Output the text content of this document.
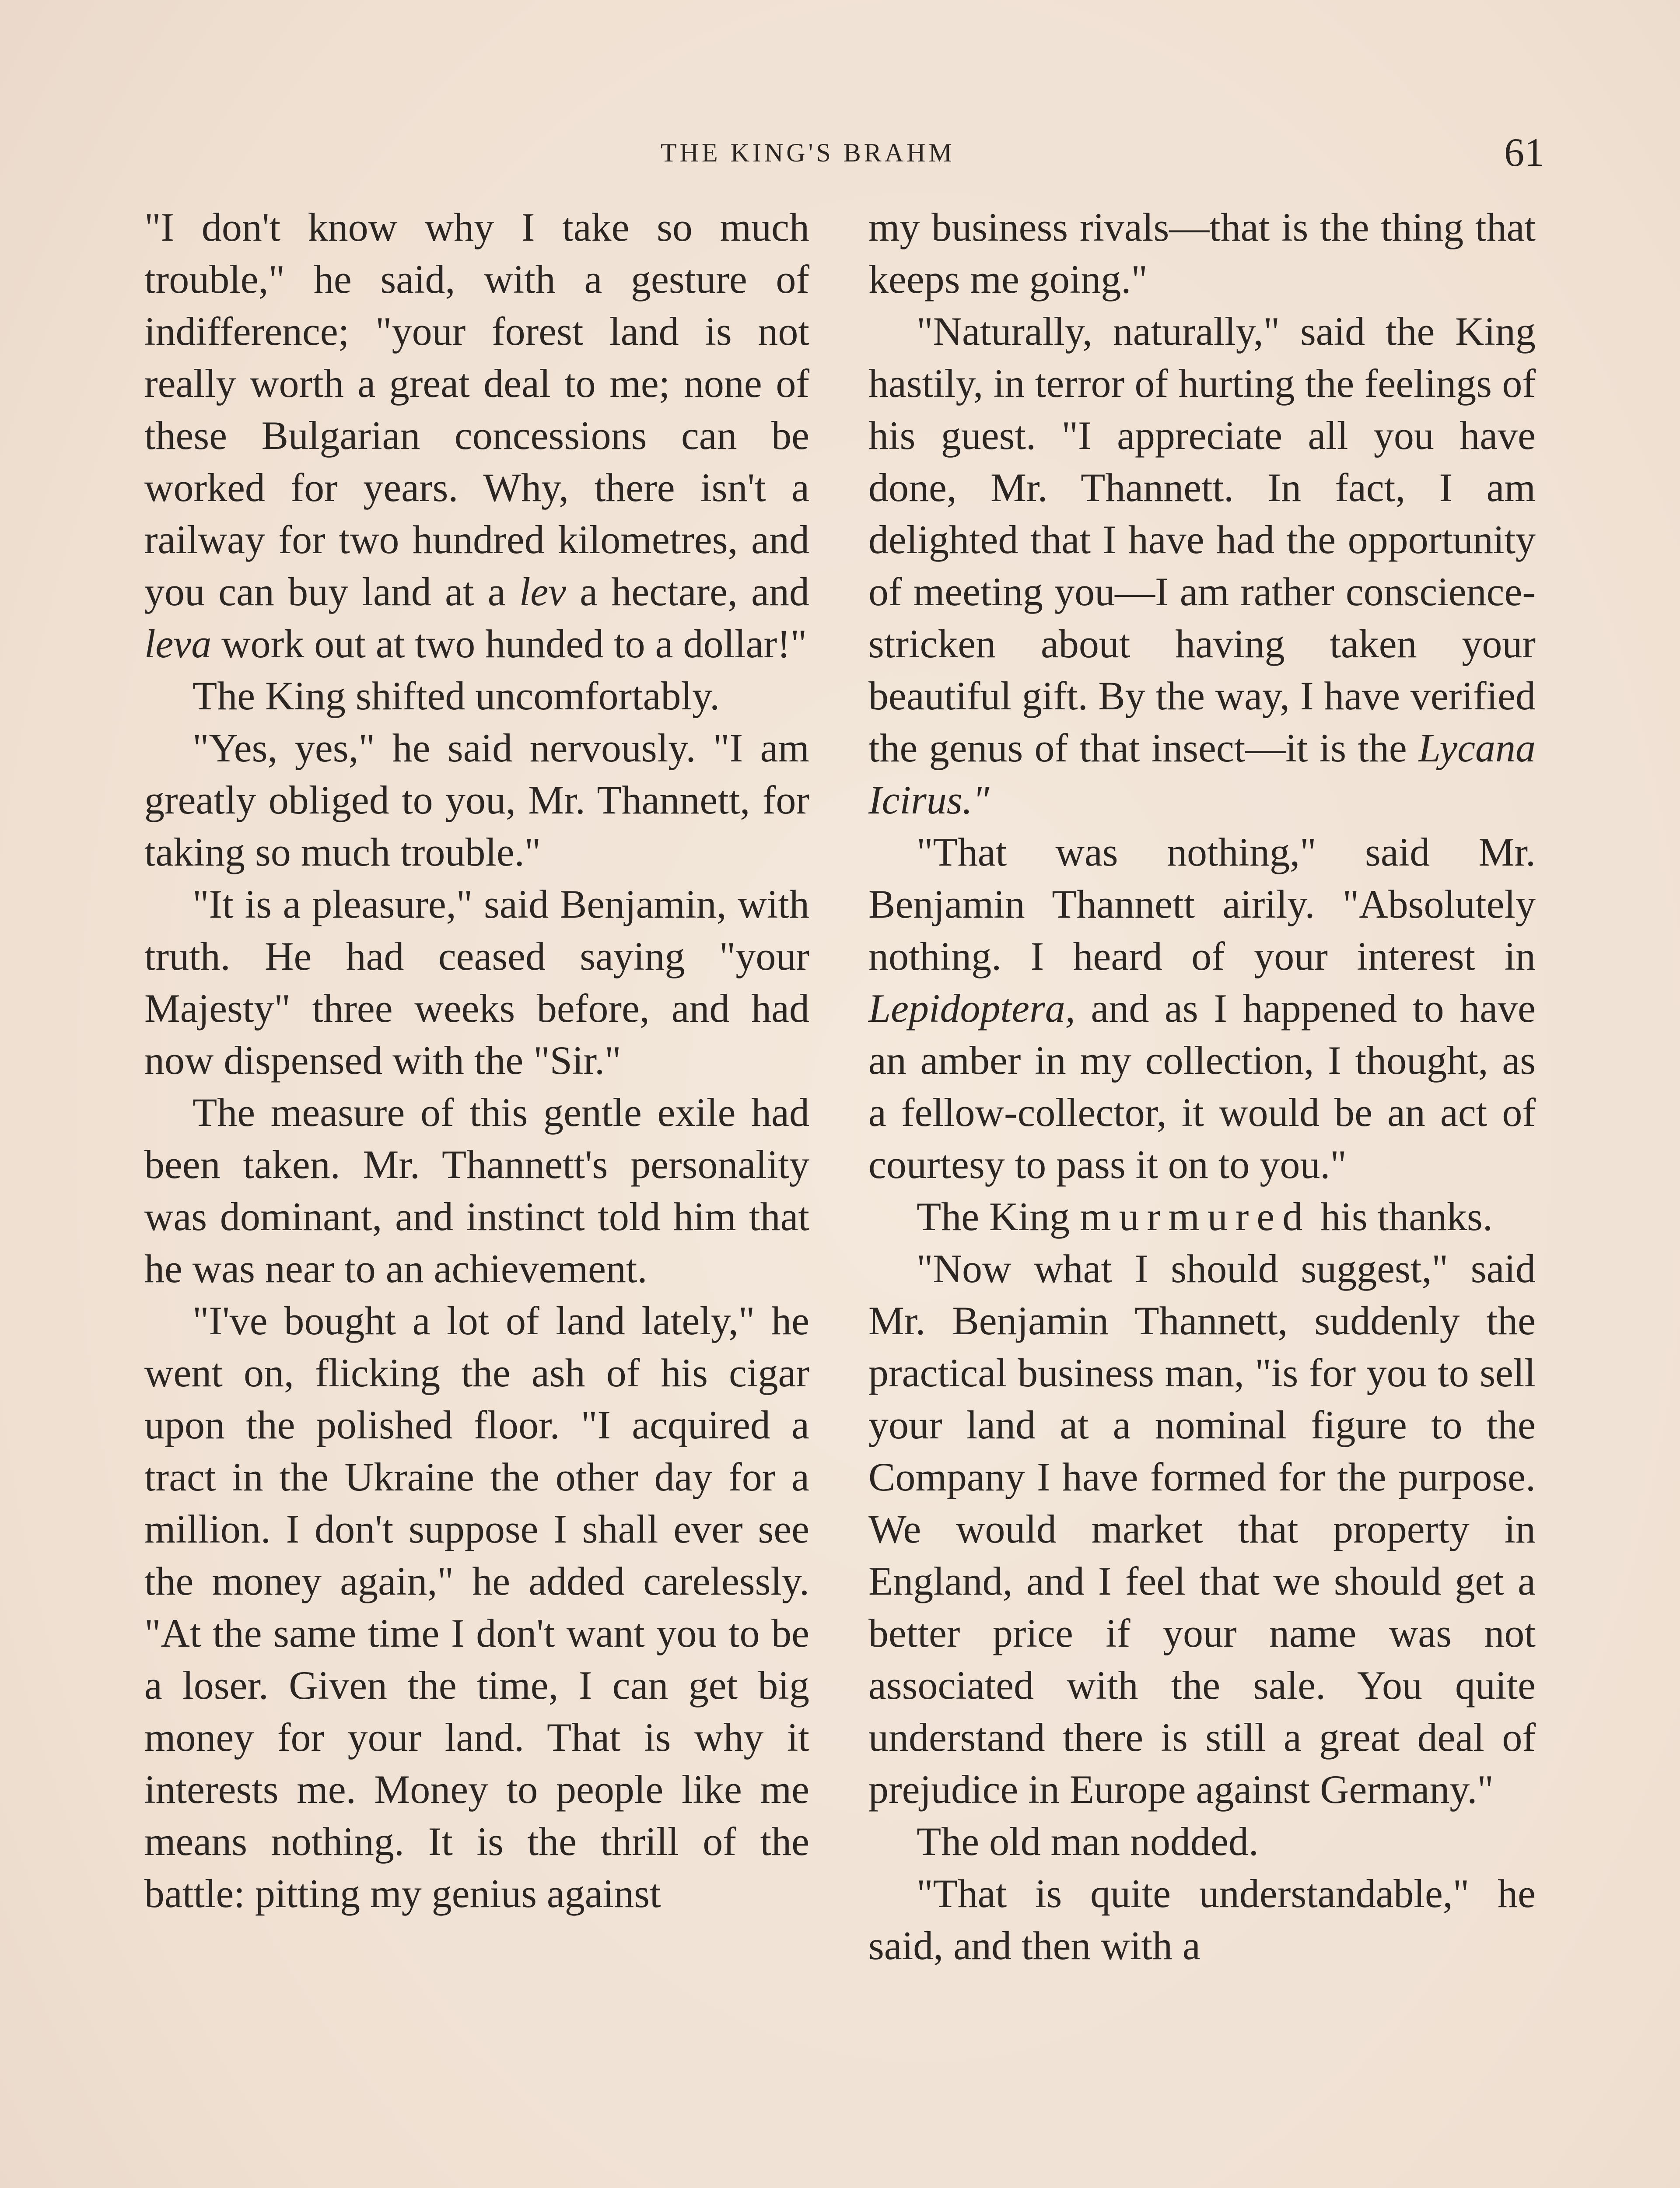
THE KING'S BRAHM	61

"I don't know why I take so much trouble," he said, with a gesture of indifference; "your forest land is not really worth a great deal to me; none of these Bulgarian concessions can be worked for years. Why, there isn't a railway for two hundred kilometres, and you can buy land at a lev a hectare, and leva work out at two hunded to a dollar!"

The King shifted uncomfortably.

"Yes, yes," he said nervously. "I am greatly obliged to you, Mr. Thannett, for taking so much trouble."

"It is a pleasure," said Benjamin, with truth. He had ceased saying "your Majesty" three weeks before, and had now dispensed with the "Sir."

The measure of this gentle exile had been taken. Mr. Thannett's personality was dominant, and instinct told him that he was near to an achievement.

"I've bought a lot of land lately," he went on, flicking the ash of his cigar upon the polished floor. "I acquired a tract in the Ukraine the other day for a million. I don't suppose I shall ever see the money again," he added carelessly. "At the same time I don't want you to be a loser. Given the time, I can get big money for your land. That is why it interests me. Money to people like me means nothing. It is the thrill of the battle: pitting my genius against

my business rivals—that is the thing that keeps me going."

"Naturally, naturally," said the King hastily, in terror of hurting the feelings of his guest. "I appreciate all you have done, Mr. Thannett. In fact, I am delighted that I have had the opportunity of meeting you—I am rather conscience-stricken about having taken your beautiful gift. By the way, I have verified the genus of that insect—it is the Lycana Icirus."

"That was nothing," said Mr. Benjamin Thannett airily. "Absolutely nothing. I heard of your interest in Lepidoptera, and as I happened to have an amber in my collection, I thought, as a fellow-collector, it would be an act of courtesy to pass it on to you."

The King murmured his thanks.

"Now what I should suggest," said Mr. Benjamin Thannett, suddenly the practical business man, "is for you to sell your land at a nominal figure to the Company I have formed for the purpose. We would market that property in England, and I feel that we should get a better price if your name was not associated with the sale. You quite understand there is still a great deal of prejudice in Europe against Germany."

The old man nodded.

"That is quite understandable," he said, and then with a
